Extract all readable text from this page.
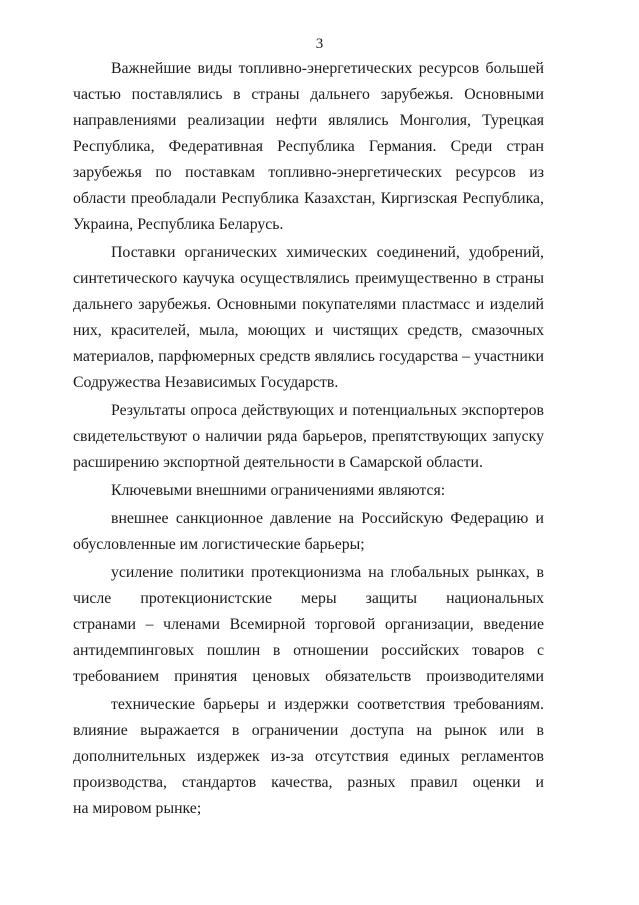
3
Важнейшие виды топливно-энергетических ресурсов большей
частью поставлялись в страны дальнего зарубежья. Основными
направлениями реализации нефти являлись Монголия, Турецкая
Республика, Федеративная Республика Германия. Среди стран
зарубежья по поставкам топливно-энергетических ресурсов из
области преобладали Республика Казахстан, Киргизская Республика,
Украина, Республика Беларусь.
Поставки органических химических соединений, удобрений,
синтетического каучука осуществлялись преимущественно в страны
дальнего зарубежья. Основными покупателями пластмасс и изделий
них, красителей, мыла, моющих и чистящих средств, смазочных
материалов, парфюмерных средств являлись государства – участники
Содружества Независимых Государств.
Результаты опроса действующих и потенциальных экспортеров
свидетельствуют о наличии ряда барьеров, препятствующих запуску
расширению экспортной деятельности в Самарской области.
Ключевыми внешними ограничениями являются:
внешнее санкционное давление на Российскую Федерацию и
обусловленные им логистические барьеры;
усиление политики протекционизма на глобальных рынках, в
числе протекционистские меры защиты национальных
странами – членами Всемирной торговой организации, введение
антидемпинговых пошлин в отношении российских товаров с
требованием принятия ценовых обязательств производителями
технические барьеры и издержки соответствия требованиям.
влияние выражается в ограничении доступа на рынок или в
дополнительных издержек из-за отсутствия единых регламентов
производства, стандартов качества, разных правил оценки и
на мировом рынке;
